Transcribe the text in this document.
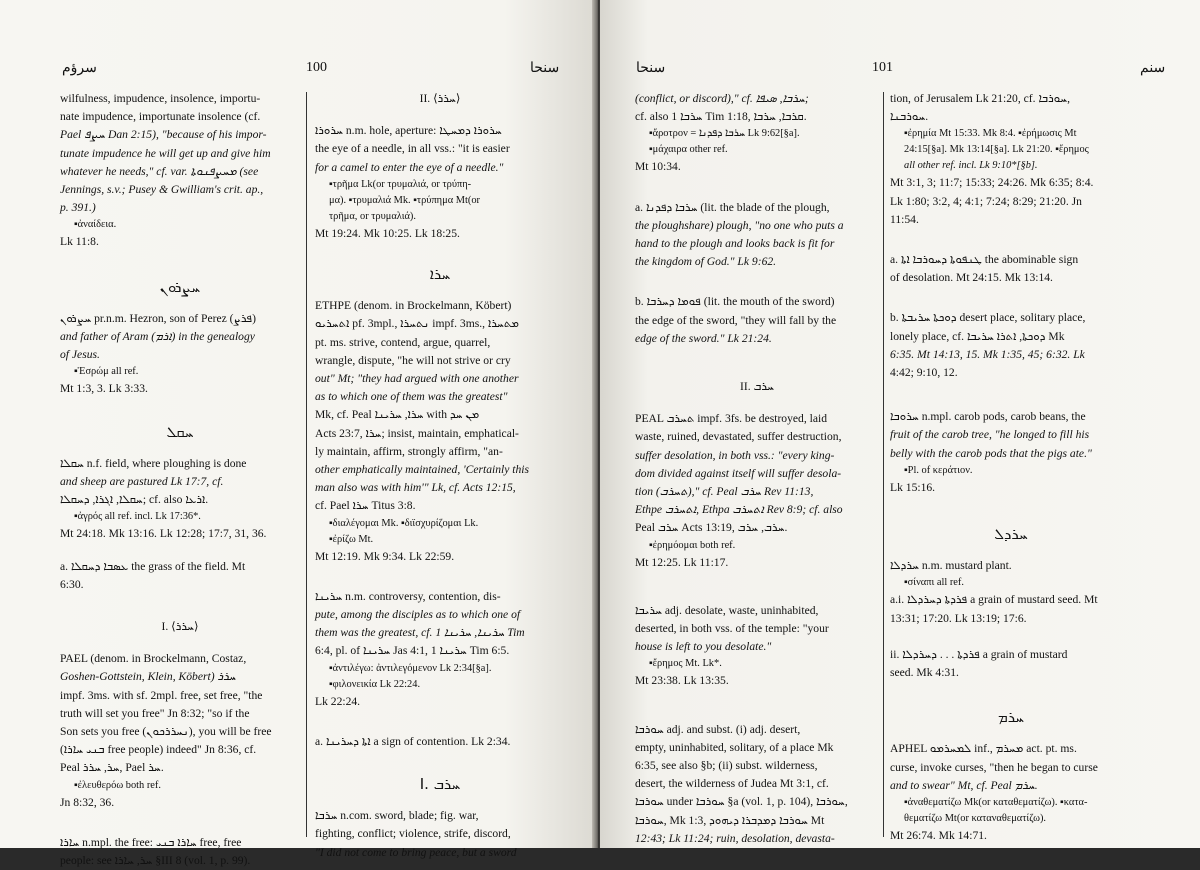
سرؤم	100	سنحا
wilfulness, impudence, insolence, importu-
nate impudence, importunate insolence (cf.
Pael ܚܨܦ Dan 2:15), "because of his impor-
tunate impudence he will get up and give him
whatever he needs," cf. var. ܡܚܨܦܢܘܬܐ (see
Jennings, s.v.; Pusey & Gwilliam's crit. ap.,
p. 391.)
▪ἀναίδεια.
Lk 11:8.
ܚܨܪܘܢ
ܚܨܪܘܢ pr.n.m. Hezron, son of Perez (ܦܪܨ)
and father of Aram (ܐܪܡ) in the genealogy
of Jesus.
▪Ἑσρώμ all ref.
Mt 1:3, 3. Lk 3:33.
ܚܩܠ
ܚܩܠܐ n.f. field, where ploughing is done
and sheep are pastured Lk 17:7, cf.
ܚܩܠܐ, ܐܓܪܐ, ܕܚܩܠܐ; cf. also ܐܪܥܐ.
▪ἀγρός all ref. incl. Lk 17:36*.
Mt 24:18. Mk 13:16. Lk 12:28; 17:7, 31, 36.
a. ܥܣܒܐ ܕܚܩܠܐ the grass of the field. Mt
6:30.
I. ⟨ܚܪܪ⟩
PAEL (denom. in Brockelmann, Costaz,
Goshen-Gottstein, Klein, Köbert) ܚܪܪ
impf. 3ms. with sf. 2mpl. free, set free, "the
truth will set you free" Jn 8:32; "so if the
Son sets you free (ܢܚܪܪܟܘܢ), you will be free
(ܒܢܝ ܚܐܪܐ free people) indeed" Jn 8:36, cf.
Peal ܚܪ, ܚܪܪ, Pael ܚܪ.
▪ἐλευθερόω both ref.
Jn 8:32, 36.
ܚܐܪܐ n.mpl. the free: ܚܐܪܐ ܒܢܝ free, free
people: see ܚܪ, ܚܐܪܐ §III 8 (vol. 1, p. 99).
II. ⟨ܚܪܪ⟩
ܚܪܘܪܐ n.m. hole, aperture: ܚܪܘܪܐ ܕܡܚܛܐ
the eye of a needle, in all vss.: "it is easier
for a camel to enter the eye of a needle."
▪τρῆμα Lk(or τρυμαλιά, or τρύπη-
μα). ▪τρυμαλιά Mk. ▪τρύπημα Mt(or
τρῆμα, or τρυμαλιά).
Mt 19:24. Mk 10:25. Lk 18:25.
ܚܪܐ
ETHPE (denom. in Brockelmann, Köbert)
ܐܬܚܪܝܘ pf. 3mpl., ܢܬܚܪܐ impf. 3ms., ܡܬܚܪܐ
pt. ms. strive, contend, argue, quarrel,
wrangle, dispute, "he will not strive or cry
out" Mt; "they had argued with one another
as to which one of them was the greatest"
Mk, cf. Peal ܚܪܐ, ܚܪܝܢܐ with ܡܢ ܚܕ
Acts 23:7, ܚܪܐ; insist, maintain, emphatical-
ly maintain, affirm, strongly affirm, "an-
other emphatically maintained, 'Certainly this
man also was with him'" Lk, cf. Acts 12:15,
cf. Pael ܚܪܐ Titus 3:8.
▪διαλέγομαι Mk. ▪διϊσχυρίζομαι Lk.
▪ἐρίζω Mt.
Mt 12:19. Mk 9:34. Lk 22:59.
ܚܪܝܢܐ n.m. controversy, contention, dis-
pute, among the disciples as to which one of
them was the greatest, cf. ܚܪܝܢܐ, ܚܪܝܢܐ 1 Tim
6:4, pl. of ܚܪܝܢܐ Jas 4:1, ܚܪܝܢܐ 1 Tim 6:5.
▪ἀντιλέγω: ἀντιλεγόμενον Lk 2:34[§a].
▪φιλονεικία Lk 22:24.
Lk 22:24.
a. ܐܬܐ ܕܚܪܝܢܐ a sign of contention. Lk 2:34.
I. ܚܪܒ
ܚܪܒܐ n.com. sword, blade; fig. war,
fighting, conflict; violence, strife, discord,
"I did not come to bring peace, but a sword
سنحا	101	سنم
(conflict, or discord)," cf. ܚܪܒܐ, ܣܝܦܐ;
cf. also ܚܪܒܐ 1 Tim 1:18, ܩܪܒܐ, ܚܪܒܐ.
▪ἄροτρον = ܚܪܒܐ ܕܦܕܢܐ Lk 9:62[§a].
▪μάχαιρα other ref.
Mt 10:34.
a. ܚܪܒܐ ܕܦܕܢܐ (lit. the blade of the plough,
the ploughshare) plough, "no one who puts a
hand to the plough and looks back is fit for
the kingdom of God." Lk 9:62.
b. ܦܘܡܐ ܕܚܪܒܐ (lit. the mouth of the sword)
the edge of the sword, "they will fall by the
edge of the sword." Lk 21:24.
II. ܚܪܒ
PEAL ܬܚܪܒ impf. 3fs. be destroyed, laid
waste, ruined, devastated, suffer destruction,
suffer desolation, in both vss.: "every king-
dom divided against itself will suffer desola-
tion (ܬܚܪܒ)," cf. Peal ܚܪܒ Rev 11:13,
Ethpe ܐܬܚܪܒ, Ethpa ܐܬܚܪܒ Rev 8:9; cf. also
Peal ܚܪܒ Acts 13:19, ܚܪܒ, ܚܪܒ.
▪ἐρημόομαι both ref.
Mt 12:25. Lk 11:17.
ܚܪܝܒܐ adj. desolate, waste, uninhabited,
deserted, in both vss. of the temple: "your
house is left to you desolate."
▪ἔρημος Mt. Lk*.
Mt 23:38. Lk 13:35.
ܚܘܪܒܐ adj. and subst. (i) adj. desert,
empty, uninhabited, solitary, of a place Mk
6:35, see also §b; (ii) subst. wilderness,
desert, the wilderness of Judea Mt 3:1, cf.
ܚܘܪܒܐ under ܚܘܪܒܐ §a (vol. 1, p. 104), ܚܘܪܒܐ,
ܚܘܪܒܐ, Mk 1:3, ܚܘܪܒܐ ܕܡܕܒܪܐ ܕܝܗܘܕ Mt
12:43; Lk 11:24; ruin, desolation, devasta-
tion, of Jerusalem Lk 21:20, cf. ܚܘܪܒܐ,
ܚܘܪܒܢܐ.
▪ἐρημία Mt 15:33. Mk 8:4. ▪ἐρήμωσις Mt
24:15[§a]. Mk 13:14[§a]. Lk 21:20. ▪ἔρημος
all other ref. incl. Lk 9:10*[§b].
Mt 3:1, 3; 11:7; 15:33; 24:26. Mk 6:35; 8:4.
Lk 1:80; 3:2, 4; 4:1; 7:24; 8:29; 21:20. Jn
11:54.
a. ܛܢܦܘܬܐ ܕܚܘܪܒܐ ܐܬܐ the abominable sign
of desolation. Mt 24:15. Mk 13:14.
b. ܕܘܟܬܐ ܚܪܝܒܬܐ desert place, solitary place,
lonely place, cf. ܕܘܟܬܐ, ܐܬܪܐ ܚܪܝܒܐ Mk
6:35. Mt 14:13, 15. Mk 1:35, 45; 6:32. Lk
4:42; 9:10, 12.
ܚܪܘܒܐ n.mpl. carob pods, carob beans, the
fruit of the carob tree, "he longed to fill his
belly with the carob pods that the pigs ate."
▪Pl. of κεράτιον.
Lk 15:16.
ܚܪܕܠ
ܚܪܕܠܐ n.m. mustard plant.
▪σίναπι all ref.
a.i. ܦܪܕܬܐ ܕܚܪܕܠܐ a grain of mustard seed. Mt
13:31; 17:20. Lk 13:19; 17:6.
ii. ܦܪܕܬܐ . . . ܕܚܪܕܠܐ a grain of mustard
seed. Mk 4:31.
ܚܪܡ
APHEL ܠܡܚܪܡܘ inf., ܡܚܪܡ act. pt. ms.
curse, invoke curses, "then he began to curse
and to swear" Mt, cf. Peal ܚܪܡ.
▪ἀναθεματίζω Mk(or καταθεματίζω). ▪κατα-
θεματίζω Mt(or καταναθεματίζω).
Mt 26:74. Mk 14:71.
